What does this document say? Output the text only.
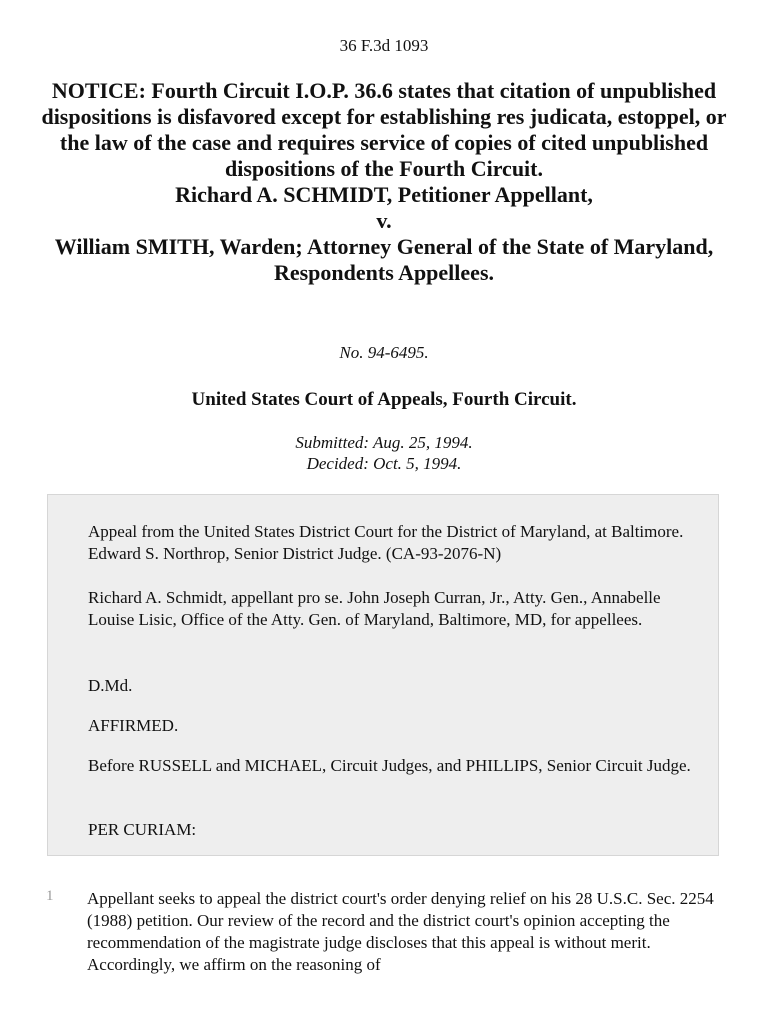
36 F.3d 1093
NOTICE: Fourth Circuit I.O.P. 36.6 states that citation of unpublished dispositions is disfavored except for establishing res judicata, estoppel, or the law of the case and requires service of copies of cited unpublished dispositions of the Fourth Circuit.
Richard A. SCHMIDT, Petitioner Appellant,
v.
William SMITH, Warden; Attorney General of the State of Maryland, Respondents Appellees.
No. 94-6495.
United States Court of Appeals, Fourth Circuit.
Submitted: Aug. 25, 1994.
Decided: Oct. 5, 1994.

Appeal from the United States District Court for the District of Maryland, at Baltimore. Edward S. Northrop, Senior District Judge. (CA-93-2076-N)

Richard A. Schmidt, appellant pro se. John Joseph Curran, Jr., Atty. Gen., Annabelle Louise Lisic, Office of the Atty. Gen. of Maryland, Baltimore, MD, for appellees.

D.Md.

AFFIRMED.

Before RUSSELL and MICHAEL, Circuit Judges, and PHILLIPS, Senior Circuit Judge.

PER CURIAM:

1 Appellant seeks to appeal the district court's order denying relief on his 28 U.S.C. Sec. 2254 (1988) petition. Our review of the record and the district court's opinion accepting the recommendation of the magistrate judge discloses that this appeal is without merit. Accordingly, we affirm on the reasoning of
